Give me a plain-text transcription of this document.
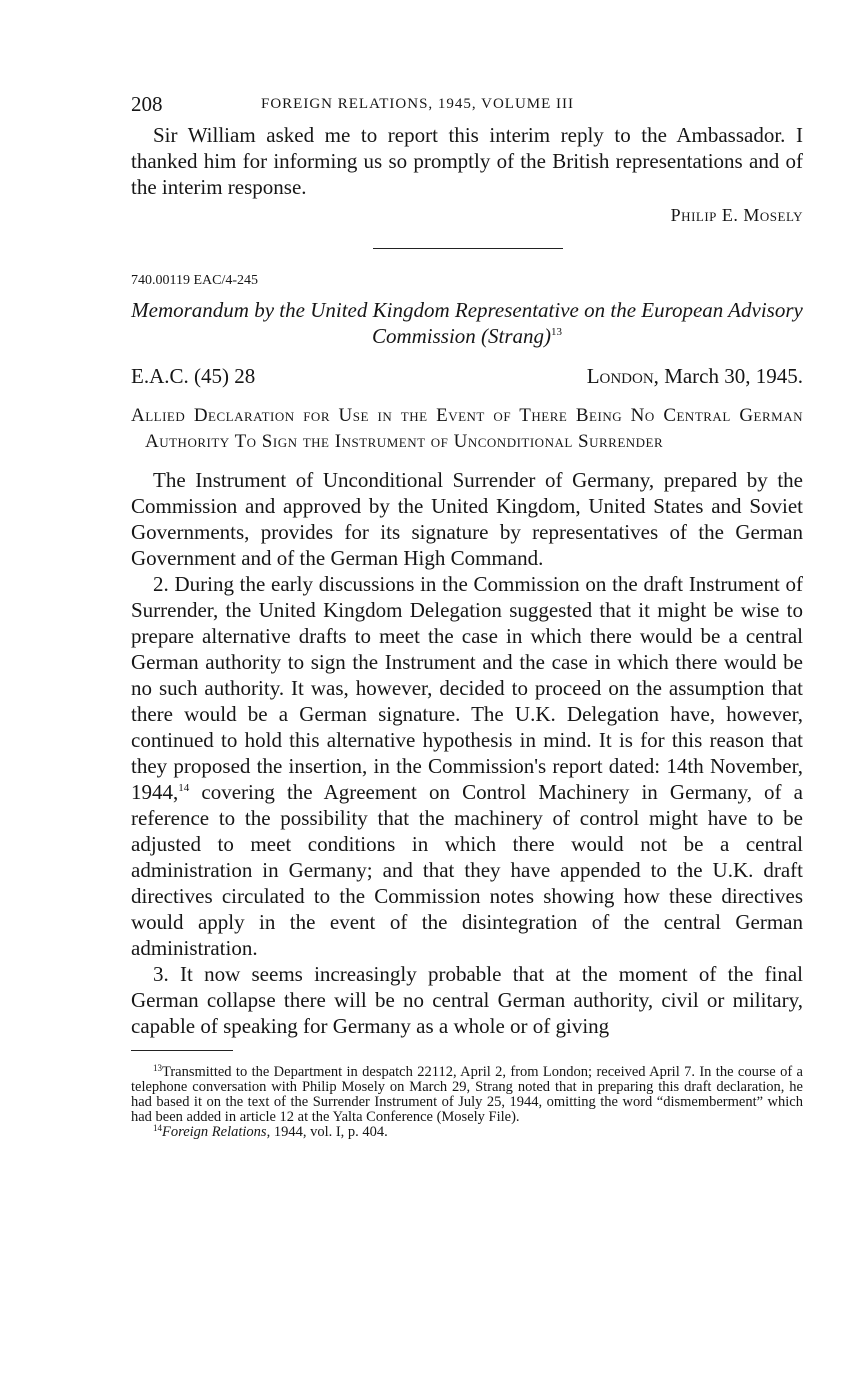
208	FOREIGN RELATIONS, 1945, VOLUME III

Sir William asked me to report this interim reply to the Ambassador. I thanked him for informing us so promptly of the British representations and of the interim response.

Philip E. Mosely
740.00119 EAC/4-245
Memorandum by the United Kingdom Representative on the European Advisory Commission (Strang)$^{13}$
E.A.C. (45) 28	London, March 30, 1945.
Allied Declaration for Use in the Event of There Being No Central German Authority To Sign the Instrument of Unconditional Surrender

The Instrument of Unconditional Surrender of Germany, prepared by the Commission and approved by the United Kingdom, United States and Soviet Governments, provides for its signature by representatives of the German Government and of the German High Command.

2. During the early discussions in the Commission on the draft Instrument of Surrender, the United Kingdom Delegation suggested that it might be wise to prepare alternative drafts to meet the case in which there would be a central German authority to sign the Instrument and the case in which there would be no such authority. It was, however, decided to proceed on the assumption that there would be a German signature. The U.K. Delegation have, however, continued to hold this alternative hypothesis in mind. It is for this reason that they proposed the insertion, in the Commission's report dated: 14th November, 1944,14 covering the Agreement on Control Machinery in Germany, of a reference to the possibility that the machinery of control might have to be adjusted to meet conditions in which there would not be a central administration in Germany; and that they have appended to the U.K. draft directives circulated to the Commission notes showing how these directives would apply in the event of the disintegration of the central German administration.

3. It now seems increasingly probable that at the moment of the final German collapse there will be no central German authority, civil or military, capable of speaking for Germany as a whole or of giving

$^{13}$Transmitted to the Department in despatch 22112, April 2, from London; received April 7. In the course of a telephone conversation with Philip Mosely on March 29, Strang noted that in preparing this draft declaration, he had based it on the text of the Surrender Instrument of July 25, 1944, omitting the word “dismemberment” which had been added in article 12 at the Yalta Conference (Mosely File).

$^{14}$Foreign Relations, 1944, vol. I, p. 404.
